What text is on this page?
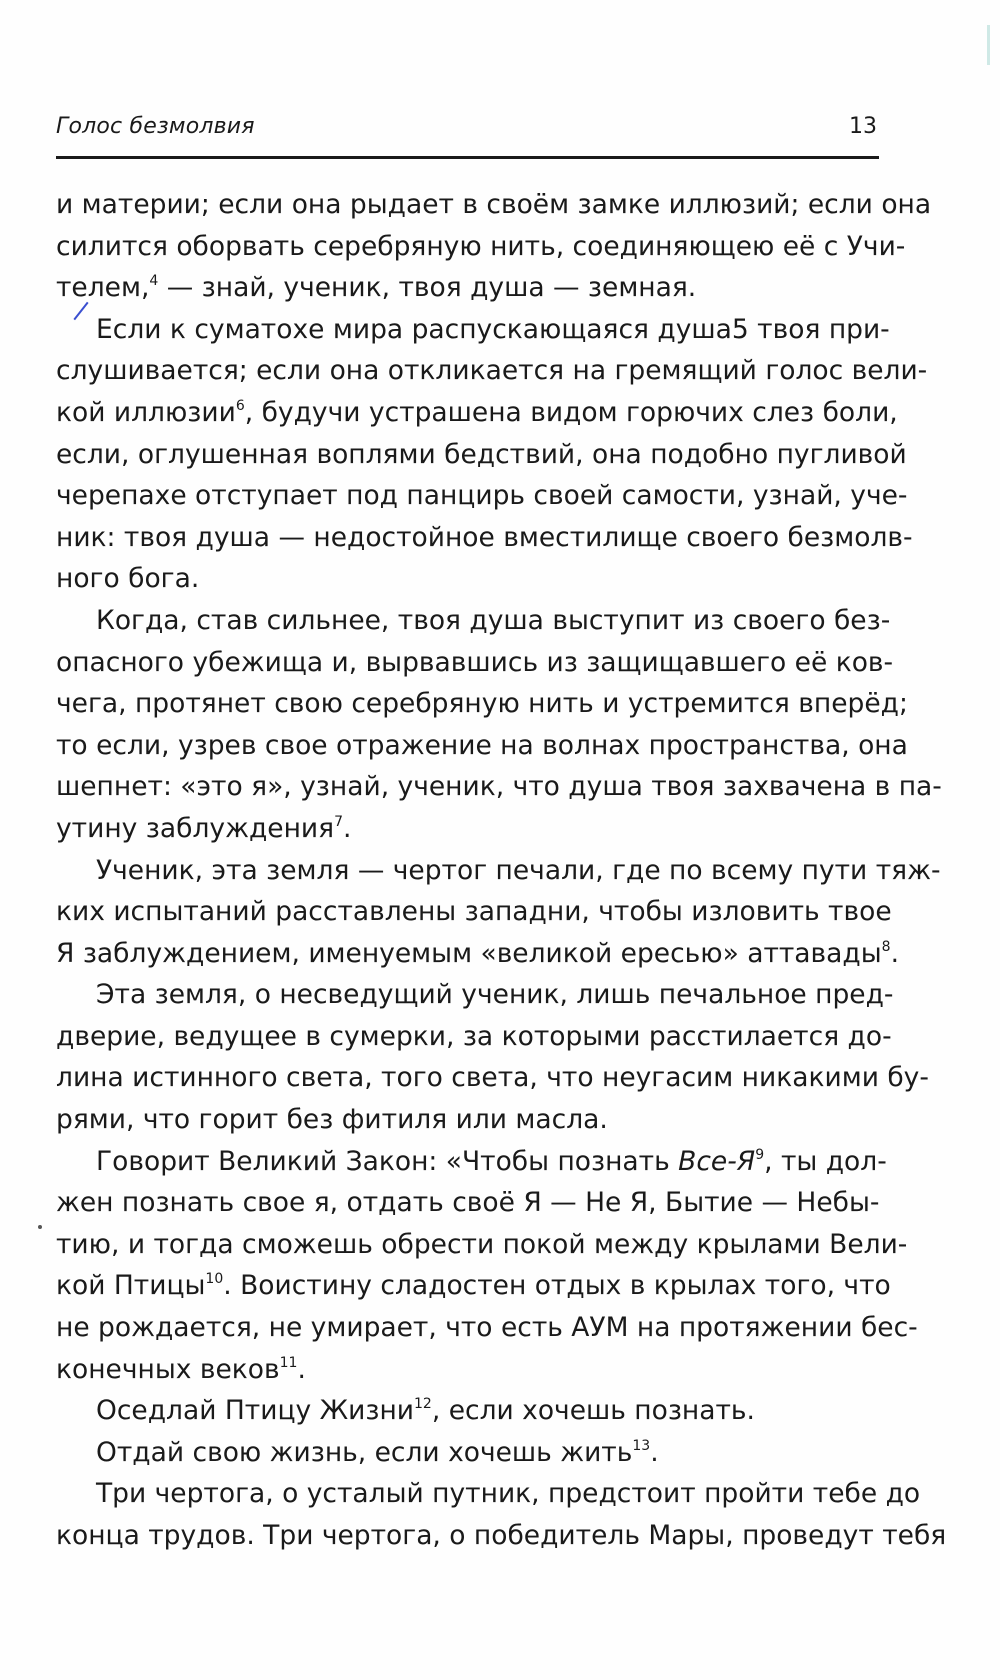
Голос безмолвия	13
и материи; если она рыдает в своём замке иллюзий; если она
силится оборвать серебряную нить, соединяющею её с Учи-
телем,$^4$ — знай, ученик, твоя душа — земная.
Если к суматохе мира распускающаяся душа5 твоя при-
слушивается; если она откликается на гремящий голос вели-
кой иллюзии$^6$, будучи устрашена видом горючих слез боли,
если, оглушенная воплями бедствий, она подобно пугливой
черепахе отступает под панцирь своей самости, узнай, уче-
ник: твоя душа — недостойное вместилище своего безмолв-
ного бога.
Когда, став сильнее, твоя душа выступит из своего без-
опасного убежища и, вырвавшись из защищавшего её ков-
чега, протянет свою серебряную нить и устремится вперёд;
то если, узрев свое отражение на волнах пространства, она
шепнет: «это я», узнай, ученик, что душа твоя захвачена в па-
утину заблуждения$^7$.
Ученик, эта земля — чертог печали, где по всему пути тяж-
ких испытаний расставлены западни, чтобы изловить твое
Я заблуждением, именуемым «великой ересью» аттавады$^8$.
Эта земля, о несведущий ученик, лишь печальное пред-
дверие, ведущее в сумерки, за которыми расстилается до-
лина истинного света, того света, что неугасим никакими бу-
рями, что горит без фитиля или масла.
Говорит Великий Закон: «Чтобы познать Все-$Я^9$, ты дол-
жен познать свое я, отдать своё Я — Не Я, Бытие — Небы-
тию, и тогда сможешь обрести покой между крылами Вели-
кой Птицы$^{10}$. Воистину сладостен отдых в крылах того, что
не рождается, не умирает, что есть АУМ на протяжении бес-
конечных веков$^{11}$.
Оседлай Птицу Жизни$^{12}$, если хочешь познать.
Отдай свою жизнь, если хочешь жить$^{13}$.
Три чертога, о усталый путник, предстоит пройти тебе до
конца трудов. Три чертога, о победитель Мары, проведут тебя
